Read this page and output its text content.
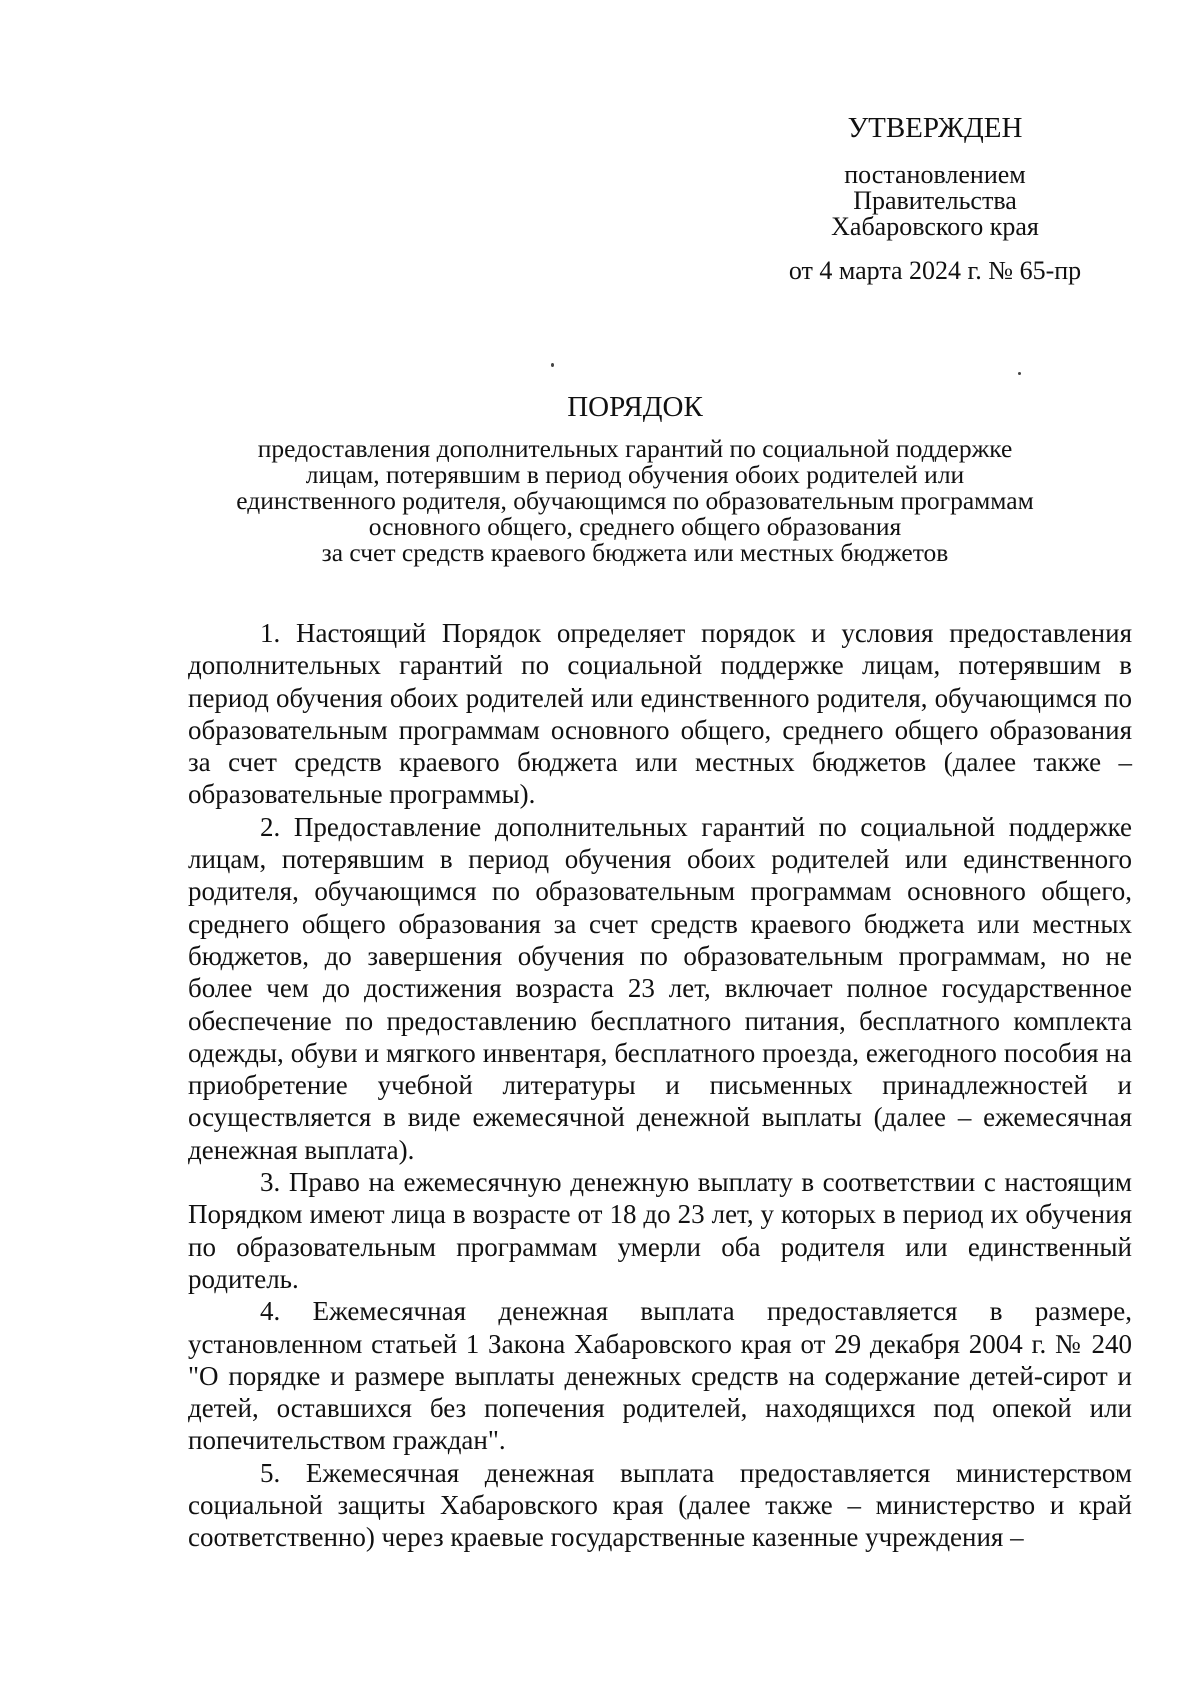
УТВЕРЖДЕН
постановлением
Правительства
Хабаровского края
от 4 марта 2024 г. № 65-пр
ПОРЯДОК
предоставления дополнительных гарантий по социальной поддержке
лицам, потерявшим в период обучения обоих родителей или
единственного родителя, обучающимся по образовательным программам
основного общего, среднего общего образования
за счет средств краевого бюджета или местных бюджетов

1. Настоящий Порядок определяет порядок и условия предоставления дополнительных гарантий по социальной поддержке лицам, потерявшим в период обучения обоих родителей или единственного родителя, обучающимся по образовательным программам основного общего, среднего общего образования за счет средств краевого бюджета или местных бюджетов (далее также – образовательные программы).

2. Предоставление дополнительных гарантий по социальной поддержке лицам, потерявшим в период обучения обоих родителей или единственного родителя, обучающимся по образовательным программам основного общего, среднего общего образования за счет средств краевого бюджета или местных бюджетов, до завершения обучения по образовательным программам, но не более чем до достижения возраста 23 лет, включает полное государственное обеспечение по предоставлению бесплатного питания, бесплатного комплекта одежды, обуви и мягкого инвентаря, бесплатного проезда, ежегодного пособия на приобретение учебной литературы и письменных принадлежностей и осуществляется в виде ежемесячной денежной выплаты (далее – ежемесячная денежная выплата).

3. Право на ежемесячную денежную выплату в соответствии с настоящим Порядком имеют лица в возрасте от 18 до 23 лет, у которых в период их обучения по образовательным программам умерли оба родителя или единственный родитель.

4. Ежемесячная денежная выплата предоставляется в размере, установленном статьей 1 Закона Хабаровского края от 29 декабря 2004 г. № 240 "О порядке и размере выплаты денежных средств на содержание детей-сирот и детей, оставшихся без попечения родителей, находящихся под опекой или попечительством граждан".

5. Ежемесячная денежная выплата предоставляется министерством социальной защиты Хабаровского края (далее также – министерство и край соответственно) через краевые государственные казенные учреждения –
